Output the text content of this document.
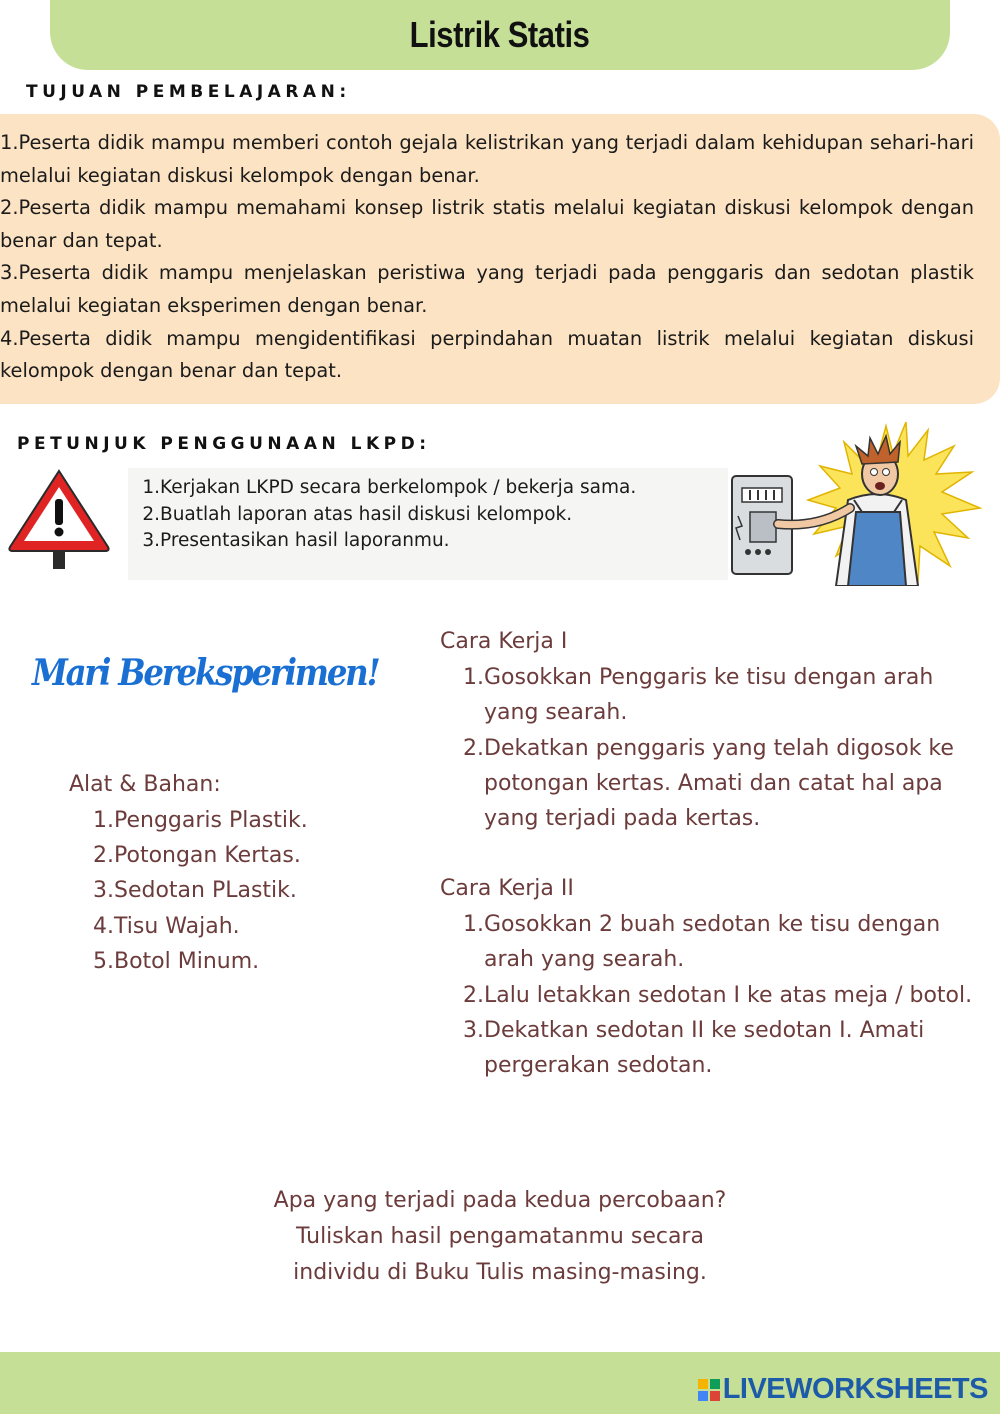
Listrik Statis
TUJUAN PEMBELAJARAN:

1.Peserta didik mampu memberi contoh gejala kelistrikan yang terjadi dalam kehidupan sehari-hari melalui kegiatan diskusi kelompok dengan benar.

2.Peserta didik mampu memahami konsep listrik statis melalui kegiatan diskusi kelompok dengan benar dan tepat.

3.Peserta didik mampu menjelaskan peristiwa yang terjadi pada penggaris dan sedotan plastik melalui kegiatan eksperimen dengan benar.

4.Peserta didik mampu mengidentifikasi perpindahan muatan listrik melalui kegiatan diskusi kelompok dengan benar dan tepat.

PETUNJUK PENGGUNAAN LKPD:
1. Kerjakan LKPD secara berkelompok / bekerja sama.
2. Buatlah laporan atas hasil diskusi kelompok.
3. Presentasikan hasil laporanmu.
Mari Bereksperimen!
Alat & Bahan:
1. Penggaris Plastik.
2. Potongan Kertas.
3. Sedotan PLastik.
4. Tisu Wajah.
5. Botol Minum.
Cara Kerja I
1. Gosokkan Penggaris ke tisu dengan arah yang searah.
2. Dekatkan penggaris yang telah digosok ke potongan kertas. Amati dan catat hal apa yang terjadi pada kertas.
Cara Kerja II
1. Gosokkan 2 buah sedotan ke tisu dengan arah yang searah.
2. Lalu letakkan sedotan I ke atas meja / botol.
3. Dekatkan sedotan II ke sedotan I. Amati pergerakan sedotan.
Apa yang terjadi pada kedua percobaan?
Tuliskan hasil pengamatanmu secara
individu di Buku Tulis masing-masing.
LIVEWORKSHEETS
